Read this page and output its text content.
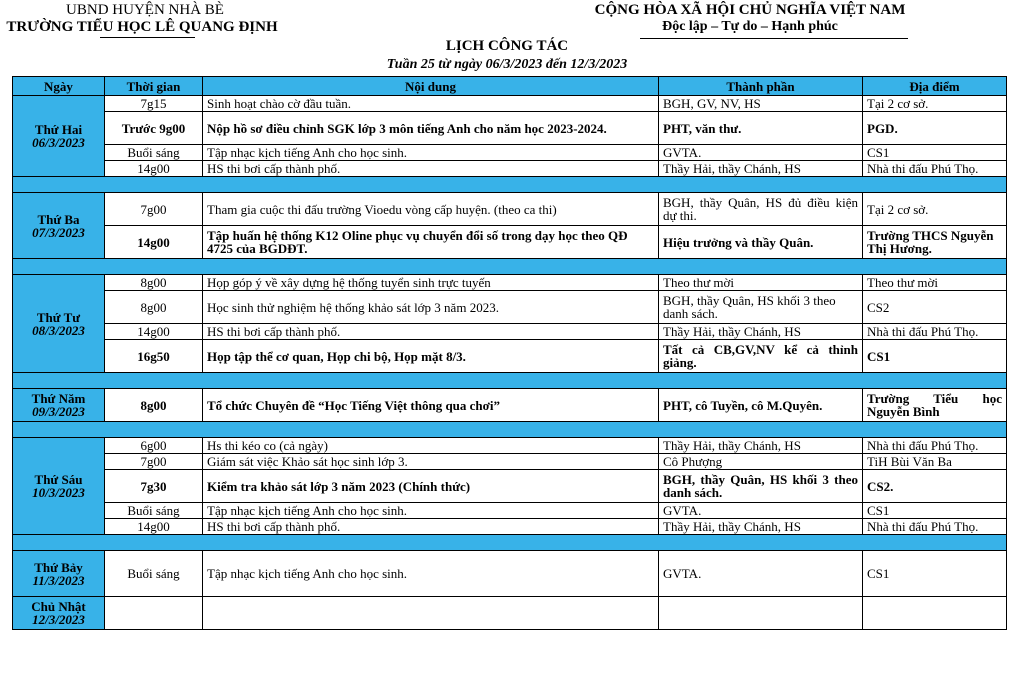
UBND HUYỆN NHÀ BÈ
TRƯỜNG TIỂU HỌC LÊ QUANG ĐỊNH
CỘNG HÒA XÃ HỘI CHỦ NGHĨA VIỆT NAM
Độc lập – Tự do – Hạnh phúc
LỊCH CÔNG TÁC
Tuần 25 từ ngày 06/3/2023 đến 12/3/2023
Ngày	Thời gian	Nội dung	Thành phần	Địa điểm

Thứ Hai
06/3/2023	7g15	Sinh hoạt chào cờ đầu tuần.	BGH, GV, NV, HS	Tại 2 cơ sở.
	Trước 9g00	Nộp hồ sơ điều chỉnh SGK lớp 3 môn tiếng Anh cho năm học 2023-2024.	PHT, văn thư.	PGD.
	Buổi sáng	Tập nhạc kịch tiếng Anh cho học sinh.	GVTA.	CS1
	14g00	HS thi bơi cấp thành phố.	Thầy Hải, thầy Chánh, HS	Nhà thi đấu Phú Thọ.

Thứ Ba
07/3/2023	7g00	Tham gia cuộc thi đấu trường Vioedu vòng cấp huyện. (theo ca thi)	BGH, thầy Quân, HS đủ điều kiện dự thi.	Tại 2 cơ sở.
	14g00	Tập huấn hệ thống K12 Oline phục vụ chuyển đổi số trong dạy học theo QĐ 4725 của BGDĐT.	Hiệu trưởng và thầy Quân.	Trường THCS Nguyễn Thị Hương.

Thứ Tư
08/3/2023	8g00	Họp góp ý về xây dựng hệ thống tuyển sinh trực tuyến	Theo thư mời	Theo thư mời
	8g00	Học sinh thử nghiệm hệ thống khảo sát lớp 3 năm 2023.	BGH, thầy Quân, HS khối 3 theo danh sách.	CS2
	14g00	HS thi bơi cấp thành phố.	Thầy Hải, thầy Chánh, HS	Nhà thi đấu Phú Thọ.
	16g50	Họp tập thể cơ quan, Họp chi bộ, Họp mặt 8/3.	Tất cả CB,GV,NV kể cả thỉnh giảng.	CS1

Thứ Năm
09/3/2023	8g00	Tổ chức Chuyên đề “Học Tiếng Việt thông qua chơi”	PHT, cô Tuyền, cô M.Quyên.	Trường Tiểu học Nguyễn Bình

Thứ Sáu
10/3/2023	6g00	Hs thi kéo co (cả ngày)	Thầy Hải, thầy Chánh, HS	Nhà thi đấu Phú Thọ.
	7g00	Giám sát việc Khảo sát học sinh lớp 3.	Cô Phượng	TiH Bùi Văn Ba
	7g30	Kiểm tra khảo sát lớp 3 năm 2023 (Chính thức)	BGH, thầy Quân, HS khối 3 theo danh sách.	CS2.
	Buổi sáng	Tập nhạc kịch tiếng Anh cho học sinh.	GVTA.	CS1
	14g00	HS thi bơi cấp thành phố.	Thầy Hải, thầy Chánh, HS	Nhà thi đấu Phú Thọ.

Thứ Bảy
11/3/2023	Buổi sáng	Tập nhạc kịch tiếng Anh cho học sinh.	GVTA.	CS1

Chủ Nhật
12/3/2023				
